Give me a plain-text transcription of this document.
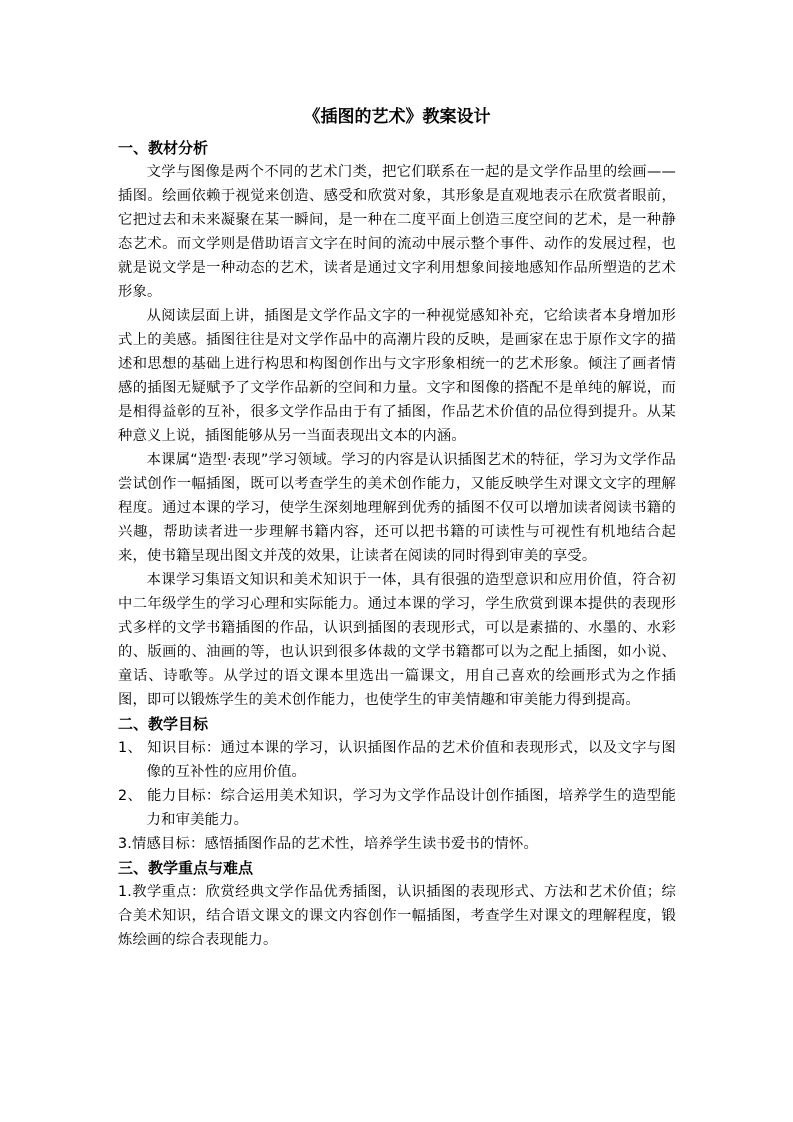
《插图的艺术》教案设计
一、教材分析

文学与图像是两个不同的艺术门类，把它们联系在一起的是文学作品里的绘画——插图。绘画依赖于视觉来创造、感受和欣赏对象，其形象是直观地表示在欣赏者眼前，它把过去和未来凝聚在某一瞬间，是一种在二度平面上创造三度空间的艺术，是一种静态艺术。而文学则是借助语言文字在时间的流动中展示整个事件、动作的发展过程，也就是说文学是一种动态的艺术，读者是通过文字利用想象间接地感知作品所塑造的艺术形象。

从阅读层面上讲，插图是文学作品文字的一种视觉感知补充，它给读者本身增加形式上的美感。插图往往是对文学作品中的高潮片段的反映，是画家在忠于原作文字的描述和思想的基础上进行构思和构图创作出与文字形象相统一的艺术形象。倾注了画者情感的插图无疑赋予了文学作品新的空间和力量。文字和图像的搭配不是单纯的解说，而是相得益彰的互补，很多文学作品由于有了插图，作品艺术价值的品位得到提升。从某种意义上说，插图能够从另一当面表现出文本的内涵。

本课属“造型·表现”学习领域。学习的内容是认识插图艺术的特征，学习为文学作品尝试创作一幅插图，既可以考查学生的美术创作能力，又能反映学生对课文文字的理解程度。通过本课的学习，使学生深刻地理解到优秀的插图不仅可以增加读者阅读书籍的兴趣，帮助读者进一步理解书籍内容，还可以把书籍的可读性与可视性有机地结合起来，使书籍呈现出图文并茂的效果，让读者在阅读的同时得到审美的享受。

本课学习集语文知识和美术知识于一体，具有很强的造型意识和应用价值，符合初中二年级学生的学习心理和实际能力。通过本课的学习，学生欣赏到课本提供的表现形式多样的文学书籍插图的作品，认识到插图的表现形式，可以是素描的、水墨的、水彩的、版画的、油画的等，也认识到很多体裁的文学书籍都可以为之配上插图，如小说、童话、诗歌等。从学过的语文课本里选出一篇课文，用自己喜欢的绘画形式为之作插图，即可以锻炼学生的美术创作能力，也使学生的审美情趣和审美能力得到提高。

二、教学目标

1、 知识目标：通过本课的学习，认识插图作品的艺术价值和表现形式，以及文字与图像的互补性的应用价值。

2、 能力目标：综合运用美术知识，学习为文学作品设计创作插图，培养学生的造型能力和审美能力。

3.情感目标：感悟插图作品的艺术性，培养学生读书爱书的情怀。

三、教学重点与难点

1.教学重点：欣赏经典文学作品优秀插图，认识插图的表现形式、方法和艺术价值；综合美术知识，结合语文课文的课文内容创作一幅插图，考查学生对课文的理解程度，锻炼绘画的综合表现能力。
